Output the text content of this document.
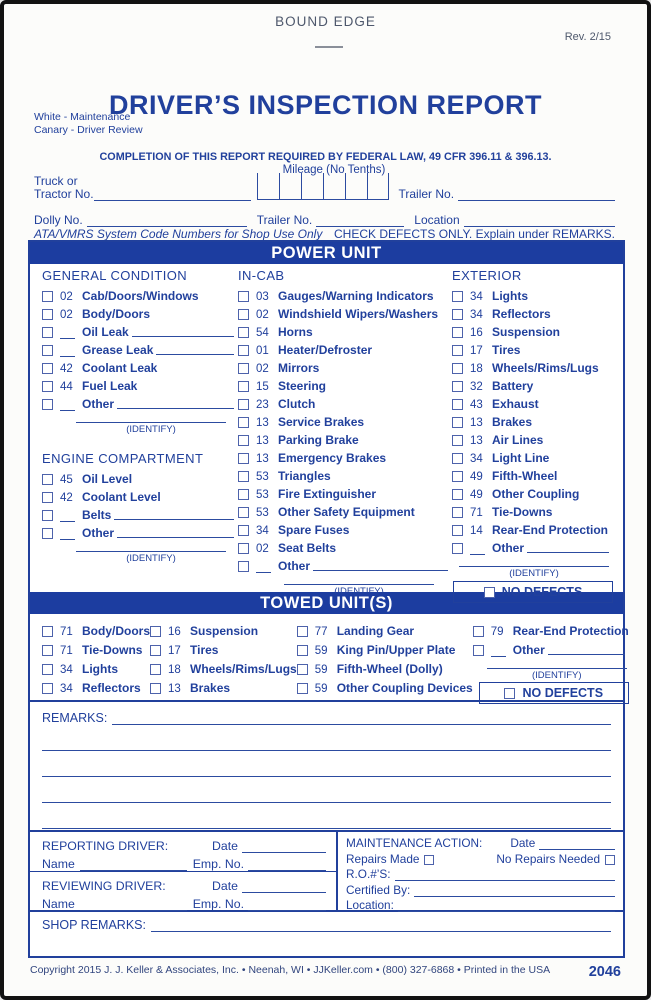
BOUND EDGE
Rev. 2/15
DRIVER’S INSPECTION REPORT
White - Maintenance
Canary - Driver Review
COMPLETION OF THIS REPORT REQUIRED BY FEDERAL LAW, 49 CFR 396.11 & 396.13.
Mileage (No Tenths)
Truck or
Tractor No.	Trailer No.
Dolly No.	Trailer No.	Location
ATA/VMRS System Code Numbers for Shop Use Only CHECK DEFECTS ONLY. Explain under REMARKS.
POWER UNIT
GENERAL CONDITION
02 Cab/Doors/Windows
02 Body/Doors
Oil Leak
Grease Leak
42 Coolant Leak
44 Fuel Leak
Other
(IDENTIFY)
ENGINE COMPARTMENT
45 Oil Level
42 Coolant Level
Belts
Other
(IDENTIFY)
IN-CAB
03 Gauges/Warning Indicators
02 Windshield Wipers/Washers
54 Horns
01 Heater/Defroster
02 Mirrors
15 Steering
23 Clutch
13 Service Brakes
13 Parking Brake
13 Emergency Brakes
53 Triangles
53 Fire Extinguisher
53 Other Safety Equipment
34 Spare Fuses
02 Seat Belts
Other
EXTERIOR
34 Lights
34 Reflectors
16 Suspension
17 Tires
18 Wheels/Rims/Lugs
32 Battery
43 Exhaust
13 Brakes
13 Air Lines
34 Light Line
49 Fifth-Wheel
49 Other Coupling
71 Tie-Downs
14 Rear-End Protection
Other
(IDENTIFY)
NO DEFECTS
TOWED UNIT(S)
71 Body/Doors
71 Tie-Downs
34 Lights
34 Reflectors
16 Suspension
17 Tires
18 Wheels/Rims/Lugs
13 Brakes
77 Landing Gear
59 King Pin/Upper Plate
59 Fifth-Wheel (Dolly)
59 Other Coupling Devices
79 Rear-End Protection
Other
(IDENTIFY)
NO DEFECTS
REMARKS:
REPORTING DRIVER:	Date
Name	Emp. No.
REVIEWING DRIVER:	Date
Name	Emp. No.
MAINTENANCE ACTION: Date
Repairs Made	No Repairs Needed
R.O.#’S:
Certified By:
Location:
SHOP REMARKS:
Copyright 2015 J. J. Keller & Associates, Inc. • Neenah, WI • JJKeller.com • (800) 327-6868 • Printed in the USA	2046
